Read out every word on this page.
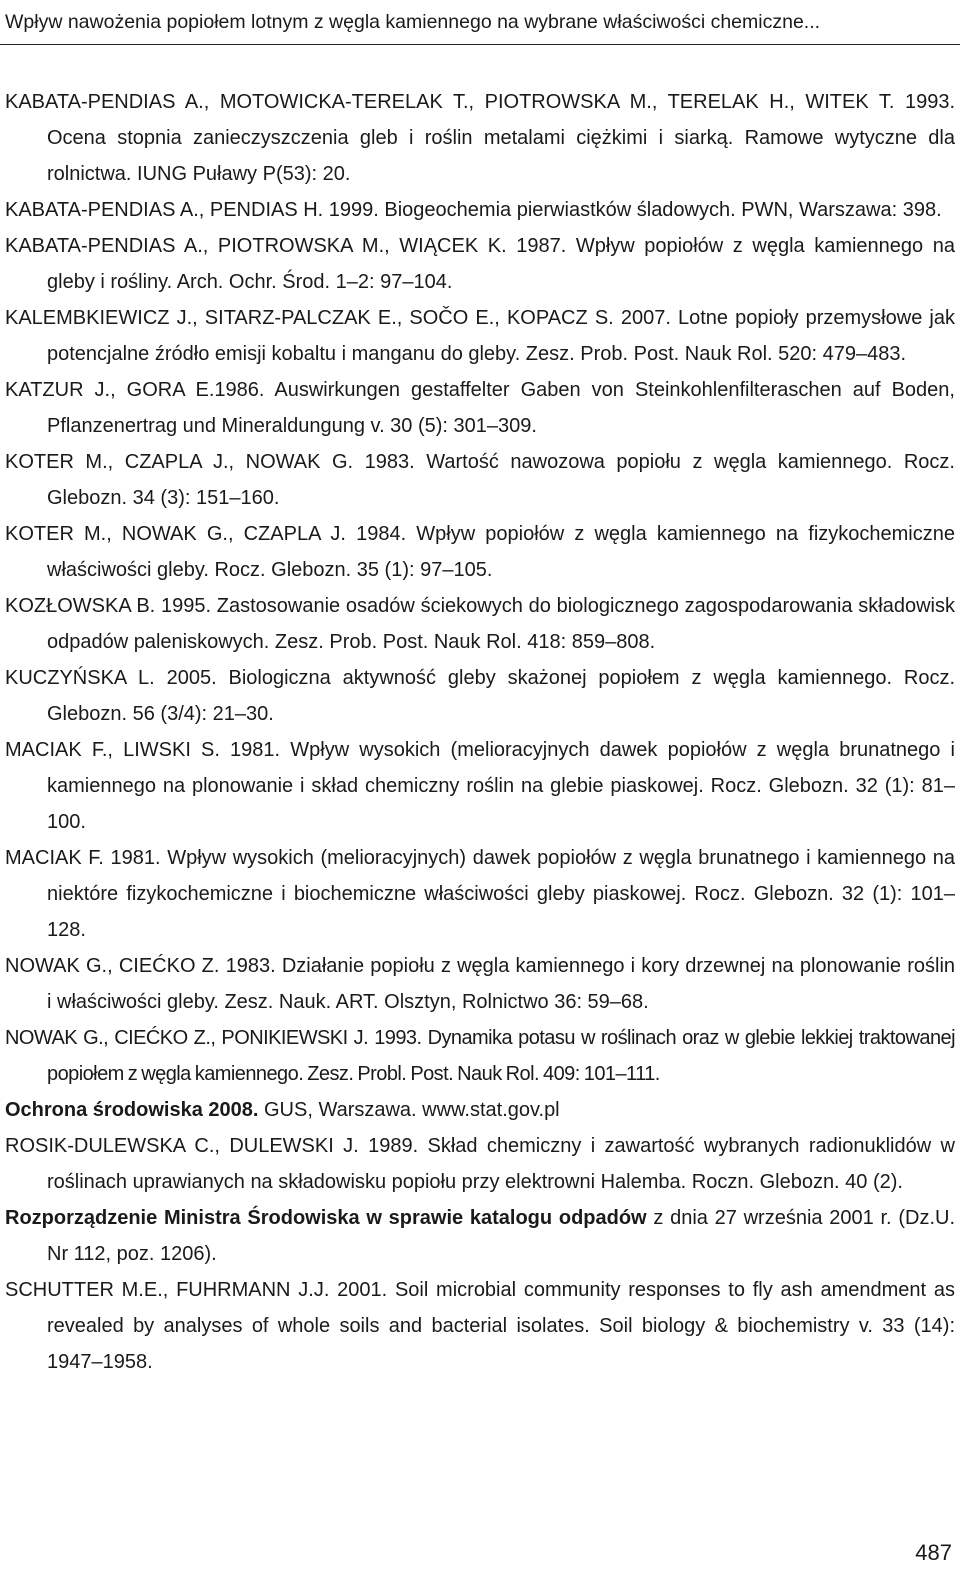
Wpływ nawożenia popiołem lotnym z węgla kamiennego na wybrane właściwości chemiczne...
KABATA-PENDIAS A., MOTOWICKA-TERELAK T., PIOTROWSKA M., TERELAK H., WITEK T. 1993. Ocena stopnia zanieczyszczenia gleb i roślin metalami ciężkimi i siarką. Ramowe wytyczne dla rolnictwa. IUNG Puławy P(53): 20.
KABATA-PENDIAS A., PENDIAS H. 1999. Biogeochemia pierwiastków śladowych. PWN, Warszawa: 398.
KABATA-PENDIAS A., PIOTROWSKA M., WIĄCEK K. 1987. Wpływ popiołów z węgla kamiennego na gleby i rośliny. Arch. Ochr. Środ. 1–2: 97–104.
KALEMBKIEWICZ J., SITARZ-PALCZAK E., SOČO E., KOPACZ S. 2007. Lotne popioły przemysłowe jak potencjalne źródło emisji kobaltu i manganu do gleby. Zesz. Prob. Post. Nauk Rol. 520: 479–483.
KATZUR J., GORA E.1986. Auswirkungen gestaffelter Gaben von Steinkohlenfilteraschen auf Boden, Pflanzenertrag und Mineraldungung v. 30 (5): 301–309.
KOTER M., CZAPLA J., NOWAK G. 1983. Wartość nawozowa popiołu z węgla kamiennego. Rocz. Glebozn. 34 (3): 151–160.
KOTER M., NOWAK G., CZAPLA J. 1984. Wpływ popiołów z węgla kamiennego na fizykochemiczne właściwości gleby. Rocz. Glebozn. 35 (1): 97–105.
KOZŁOWSKA B. 1995. Zastosowanie osadów ściekowych do biologicznego zagospodarowania składowisk odpadów paleniskowych. Zesz. Prob. Post. Nauk Rol. 418: 859–808.
KUCZYŃSKA L. 2005. Biologiczna aktywność gleby skażonej popiołem z węgla kamiennego. Rocz. Glebozn. 56 (3/4): 21–30.
MACIAK F., LIWSKI S. 1981. Wpływ wysokich (melioracyjnych dawek popiołów z węgla brunatnego i kamiennego na plonowanie i skład chemiczny roślin na glebie piaskowej. Rocz. Glebozn. 32 (1): 81–100.
MACIAK F. 1981. Wpływ wysokich (melioracyjnych) dawek popiołów z węgla brunatnego i kamiennego na niektóre fizykochemiczne i biochemiczne właściwości gleby piaskowej. Rocz. Glebozn. 32 (1): 101–128.
NOWAK G., CIEĆKO Z. 1983. Działanie popiołu z węgla kamiennego i kory drzewnej na plonowanie roślin i właściwości gleby. Zesz. Nauk. ART. Olsztyn, Rolnictwo 36: 59–68.
NOWAK G., CIEĆKO Z., PONIKIEWSKI J. 1993. Dynamika potasu w roślinach oraz w glebie lekkiej traktowanej popiołem z węgla kamiennego. Zesz. Probl. Post. Nauk Rol. 409: 101–111.
Ochrona środowiska 2008. GUS, Warszawa. www.stat.gov.pl
ROSIK-DULEWSKA C., DULEWSKI J. 1989. Skład chemiczny i zawartość wybranych radionuklidów w roślinach uprawianych na składowisku popiołu przy elektrowni Halemba. Roczn. Glebozn. 40 (2).
Rozporządzenie Ministra Środowiska w sprawie katalogu odpadów z dnia 27 września 2001 r. (Dz.U. Nr 112, poz. 1206).
SCHUTTER M.E., FUHRMANN J.J. 2001. Soil microbial community responses to fly ash amendment as revealed by analyses of whole soils and bacterial isolates. Soil biology & biochemistry v. 33 (14): 1947–1958.
487
